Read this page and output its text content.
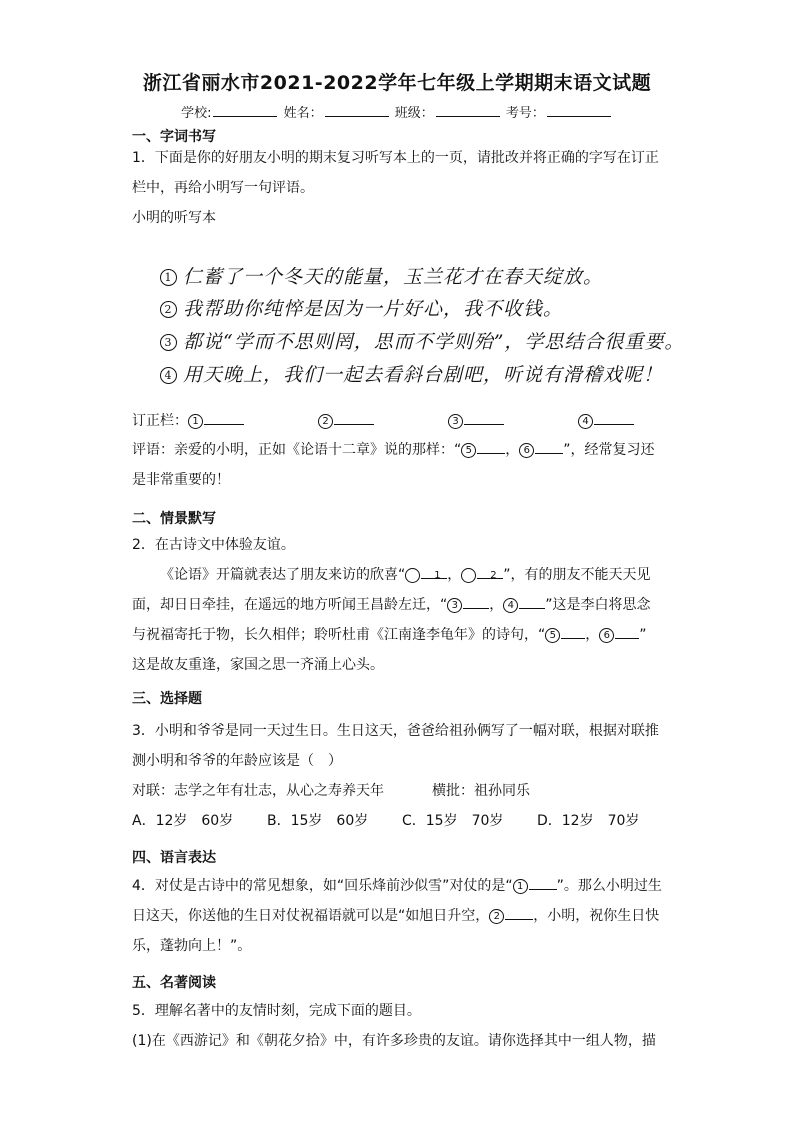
浙江省丽水市2021-2022学年七年级上学期期末语文试题
学校:	姓名：	班级：	考号：
一、字词书写
1．下面是你的好朋友小明的期末复习听写本上的一页，请批改并将正确的字写在订正
栏中，再给小明写一句评语。
小明的听写本
1 仁蓄了一个冬天的能量，玉兰花才在春天绽放。
2 我帮助你纯悴是因为一片好心，我不收钱。
3 都说“学而不思则罔，思而不学则殆”，学思结合很重要。
4 用天晚上，我们一起去看斜台剧吧，听说有滑稽戏呢！
订正栏： 1	2	3	4
评语：亲爱的小明，正如《论语十二章》说的那样：“ 5 ， 6 ”，经常复习还
是非常重要的！
二、情景默写
2．在古诗文中体验友谊。
《论语》开篇就表达了朋友来访的欣喜“	1 ，	2 ”，有的朋友不能天天见
面，却日日牵挂，在遥远的地方听闻王昌龄左迁，“ 3 ， 4 ”这是李白将思念
与祝福寄托于物，长久相伴；聆听杜甫《江南逢李龟年》的诗句，“ 5 ， 6 ”
这是故友重逢，家国之思一齐涌上心头。
三、选择题
3．小明和爷爷是同一天过生日。生日这天，爸爸给祖孙俩写了一幅对联，根据对联推
测小明和爷爷的年龄应该是（　）
对联：志学之年有壮志，从心之寿养天年	横批：祖孙同乐
A．12岁　60岁 B．15岁　60岁 C．15岁　70岁 D．12岁　70岁
四、语言表达
4．对仗是古诗中的常见想象，如“回乐烽前沙似雪”对仗的是“ 1 ”。那么小明过生
日这天，你送他的生日对仗祝福语就可以是“如旭日升空， 2 ，小明，祝你生日快
乐，蓬勃向上！”。
五、名著阅读
5．理解名著中的友情时刻，完成下面的题目。
(1)在《西游记》和《朝花夕拾》中，有许多珍贵的友谊。请你选择其中一组人物，描
